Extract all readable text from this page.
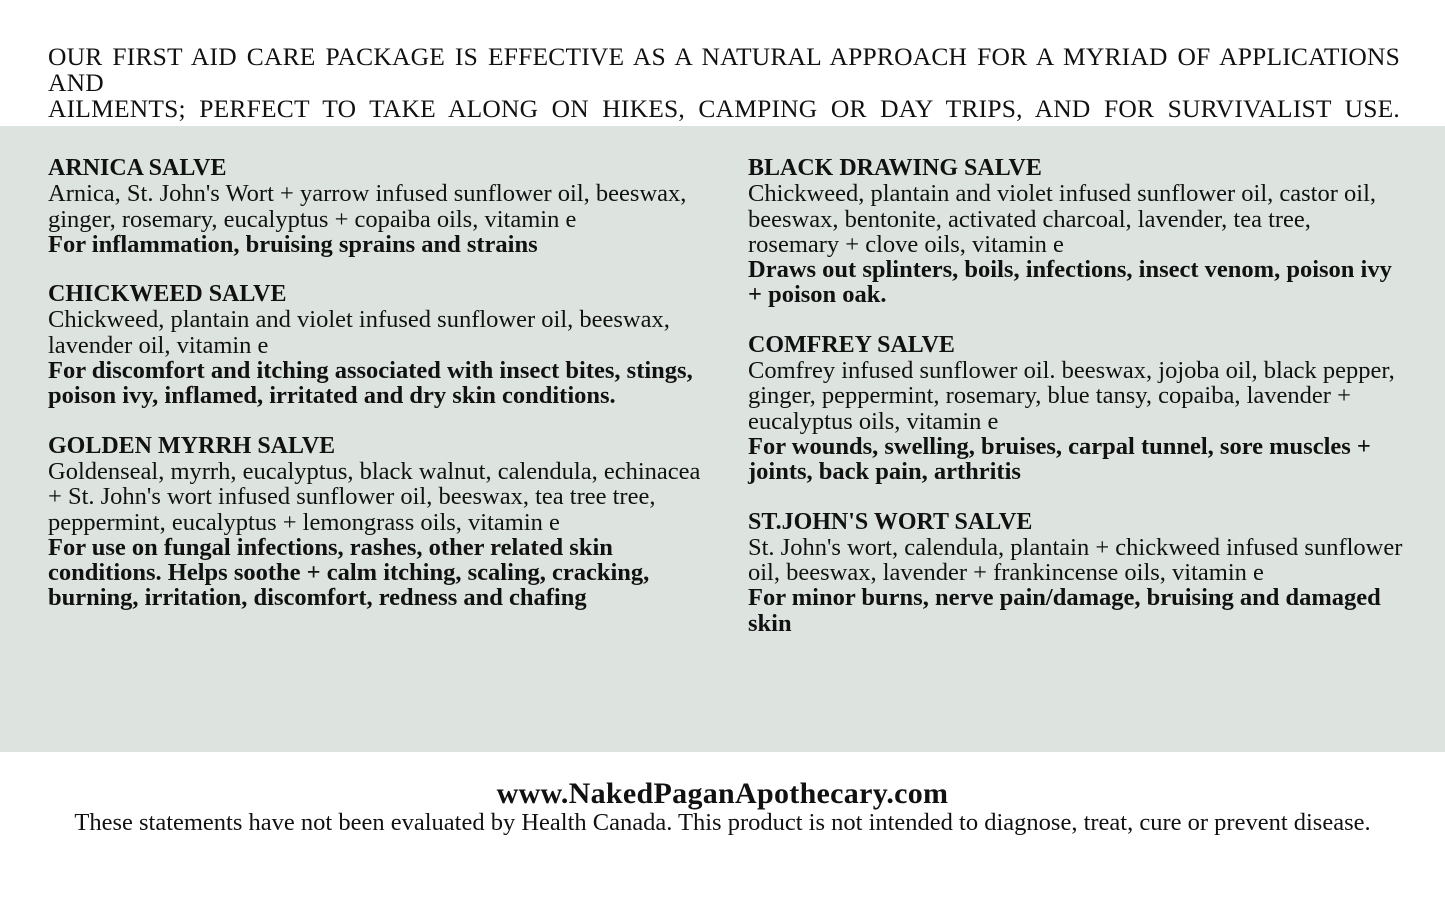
OUR FIRST AID CARE PACKAGE IS EFFECTIVE AS A NATURAL APPROACH FOR A MYRIAD OF APPLICATIONS AND
AILMENTS; PERFECT TO TAKE ALONG ON HIKES, CAMPING OR DAY TRIPS, AND FOR SURVIVALIST USE.
ARNICA SALVE
Arnica, St. John's Wort + yarrow infused sunflower oil, beeswax, ginger, rosemary, eucalyptus + copaiba oils, vitamin e
For inflammation, bruising sprains and strains
CHICKWEED SALVE
Chickweed, plantain and violet infused sunflower oil, beeswax, lavender oil, vitamin e
For discomfort and itching associated with insect bites, stings, poison ivy, inflamed, irritated and dry skin conditions.
GOLDEN MYRRH SALVE
Goldenseal, myrrh, eucalyptus, black walnut, calendula, echinacea + St. John's wort infused sunflower oil, beeswax, tea tree tree, peppermint, eucalyptus + lemongrass oils, vitamin e
For use on fungal infections, rashes, other related skin conditions. Helps soothe + calm itching, scaling, cracking, burning, irritation, discomfort, redness and chafing
BLACK DRAWING SALVE
Chickweed, plantain and violet infused sunflower oil, castor oil, beeswax, bentonite, activated charcoal, lavender, tea tree, rosemary + clove oils, vitamin e
Draws out splinters, boils, infections, insect venom, poison ivy + poison oak.
COMFREY SALVE
Comfrey infused sunflower oil. beeswax, jojoba oil, black pepper, ginger, peppermint, rosemary, blue tansy, copaiba, lavender + eucalyptus oils, vitamin e
For wounds, swelling, bruises, carpal tunnel, sore muscles + joints, back pain, arthritis
ST.JOHN'S WORT SALVE
St. John's wort, calendula, plantain + chickweed infused sunflower oil, beeswax, lavender + frankincense oils, vitamin e
For minor burns, nerve pain/damage, bruising and damaged skin
www.NakedPaganApothecary.com
These statements have not been evaluated by Health Canada. This product is not intended to diagnose, treat, cure or prevent disease.
